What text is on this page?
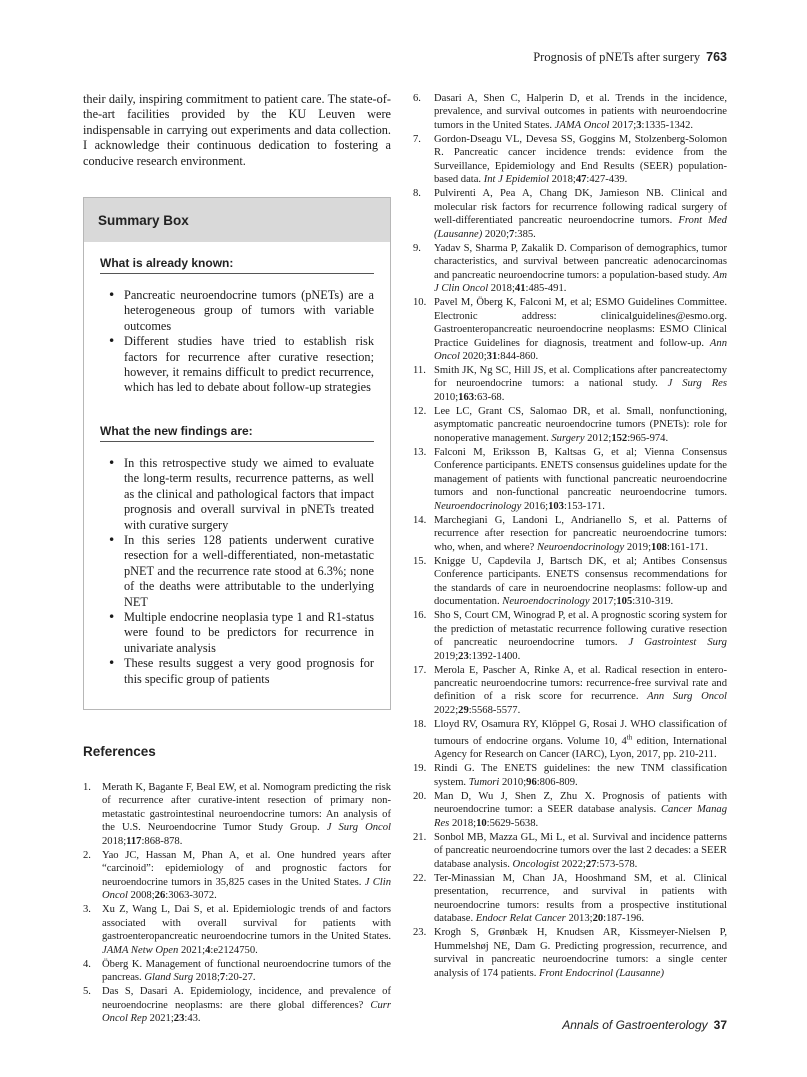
Prognosis of pNETs after surgery 763

their daily, inspiring commitment to patient care. The state-of-the-art facilities provided by the KU Leuven were indispensable in carrying out experiments and data collection. I acknowledge their continuous dedication to fostering a conducive research environment.

Summary Box
What is already known:
• Pancreatic neuroendocrine tumors (pNETs) are a heterogeneous group of tumors with variable outcomes
• Different studies have tried to establish risk factors for recurrence after curative resection; however, it remains difficult to predict recurrence, which has led to debate about follow-up strategies
What the new findings are:
• In this retrospective study we aimed to evaluate the long-term results, recurrence patterns, as well as the clinical and pathological factors that impact prognosis and overall survival in pNETs treated with curative surgery
• In this series 128 patients underwent curative resection for a well-differentiated, non-metastatic pNET and the recurrence rate stood at 6.3%; none of the deaths were attributable to the underlying NET
• Multiple endocrine neoplasia type 1 and R1-status were found to be predictors for recurrence in univariate analysis
• These results suggest a very good prognosis for this specific group of patients
References
1. Merath K, Bagante F, Beal EW, et al. Nomogram predicting the risk of recurrence after curative-intent resection of primary non-metastatic gastrointestinal neuroendocrine tumors: An analysis of the U.S. Neuroendocrine Tumor Study Group. J Surg Oncol 2018;117:868-878.
2. Yao JC, Hassan M, Phan A, et al. One hundred years after “carcinoid”: epidemiology of and prognostic factors for neuroendocrine tumors in 35,825 cases in the United States. J Clin Oncol 2008;26:3063-3072.
3. Xu Z, Wang L, Dai S, et al. Epidemiologic trends of and factors associated with overall survival for patients with gastroenteropancreatic neuroendocrine tumors in the United States. JAMA Netw Open 2021;4:e2124750.
4. Öberg K. Management of functional neuroendocrine tumors of the pancreas. Gland Surg 2018;7:20-27.
5. Das S, Dasari A. Epidemiology, incidence, and prevalence of neuroendocrine neoplasms: are there global differences? Curr Oncol Rep 2021;23:43.
6. Dasari A, Shen C, Halperin D, et al. Trends in the incidence, prevalence, and survival outcomes in patients with neuroendocrine tumors in the United States. JAMA Oncol 2017;3:1335-1342.
7. Gordon-Dseagu VL, Devesa SS, Goggins M, Stolzenberg-Solomon R. Pancreatic cancer incidence trends: evidence from the Surveillance, Epidemiology and End Results (SEER) population-based data. Int J Epidemiol 2018;47:427-439.
8. Pulvirenti A, Pea A, Chang DK, Jamieson NB. Clinical and molecular risk factors for recurrence following radical surgery of well-differentiated pancreatic neuroendocrine tumors. Front Med (Lausanne) 2020;7:385.
9. Yadav S, Sharma P, Zakalik D. Comparison of demographics, tumor characteristics, and survival between pancreatic adenocarcinomas and pancreatic neuroendocrine tumors: a population-based study. Am J Clin Oncol 2018;41:485-491.
10. Pavel M, Öberg K, Falconi M, et al; ESMO Guidelines Committee. Electronic address: clinicalguidelines@esmo.org. Gastroenteropancreatic neuroendocrine neoplasms: ESMO Clinical Practice Guidelines for diagnosis, treatment and follow-up. Ann Oncol 2020;31:844-860.
11. Smith JK, Ng SC, Hill JS, et al. Complications after pancreatectomy for neuroendocrine tumors: a national study. J Surg Res 2010;163:63-68.
12. Lee LC, Grant CS, Salomao DR, et al. Small, nonfunctioning, asymptomatic pancreatic neuroendocrine tumors (PNETs): role for nonoperative management. Surgery 2012;152:965-974.
13. Falconi M, Eriksson B, Kaltsas G, et al; Vienna Consensus Conference participants. ENETS consensus guidelines update for the management of patients with functional pancreatic neuroendocrine tumors and non-functional pancreatic neuroendocrine tumors. Neuroendocrinology 2016;103:153-171.
14. Marchegiani G, Landoni L, Andrianello S, et al. Patterns of recurrence after resection for pancreatic neuroendocrine tumors: who, when, and where? Neuroendocrinology 2019;108:161-171.
15. Knigge U, Capdevila J, Bartsch DK, et al; Antibes Consensus Conference participants. ENETS consensus recommendations for the standards of care in neuroendocrine neoplasms: follow-up and documentation. Neuroendocrinology 2017;105:310-319.
16. Sho S, Court CM, Winograd P, et al. A prognostic scoring system for the prediction of metastatic recurrence following curative resection of pancreatic neuroendocrine tumors. J Gastrointest Surg 2019;23:1392-1400.
17. Merola E, Pascher A, Rinke A, et al. Radical resection in entero-pancreatic neuroendocrine tumors: recurrence-free survival rate and definition of a risk score for recurrence. Ann Surg Oncol 2022;29:5568-5577.
18. Lloyd RV, Osamura RY, Klöppel G, Rosai J. WHO classification of tumours of endocrine organs. Volume 10, 4th edition, International Agency for Research on Cancer (IARC), Lyon, 2017, pp. 210-211.
19. Rindi G. The ENETS guidelines: the new TNM classification system. Tumori 2010;96:806-809.
20. Man D, Wu J, Shen Z, Zhu X. Prognosis of patients with neuroendocrine tumor: a SEER database analysis. Cancer Manag Res 2018;10:5629-5638.
21. Sonbol MB, Mazza GL, Mi L, et al. Survival and incidence patterns of pancreatic neuroendocrine tumors over the last 2 decades: a SEER database analysis. Oncologist 2022;27:573-578.
22. Ter-Minassian M, Chan JA, Hooshmand SM, et al. Clinical presentation, recurrence, and survival in patients with neuroendocrine tumors: results from a prospective institutional database. Endocr Relat Cancer 2013;20:187-196.
23. Krogh S, Grønbæk H, Knudsen AR, Kissmeyer-Nielsen P, Hummelshøj NE, Dam G. Predicting progression, recurrence, and survival in pancreatic neuroendocrine tumors: a single center analysis of 174 patients. Front Endocrinol (Lausanne)
Annals of Gastroenterology 37
